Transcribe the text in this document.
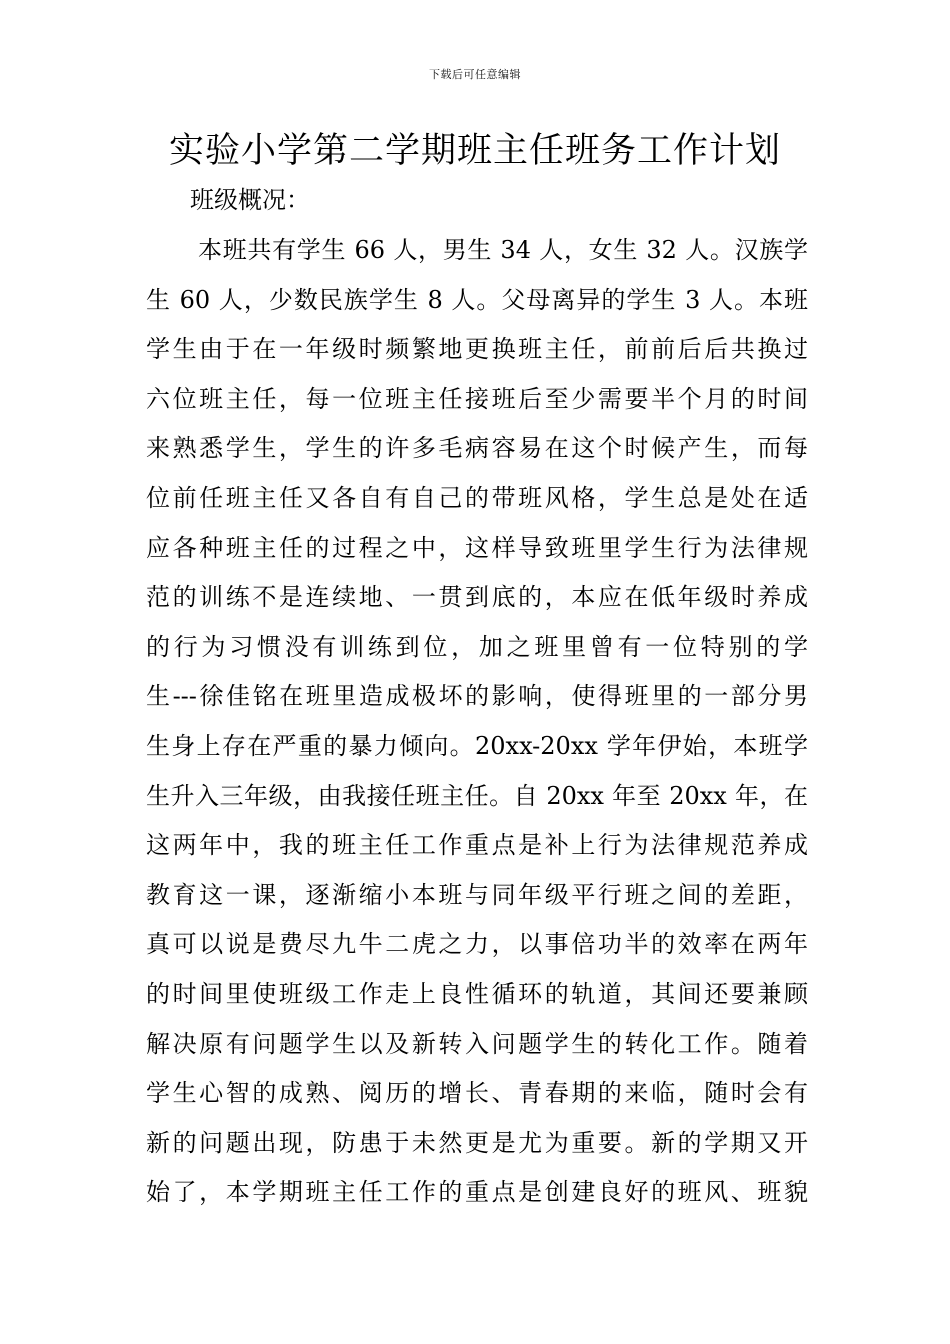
下载后可任意编辑
实验小学第二学期班主任班务工作计划
班级概况：
本班共有学生 66 人，男生 34 人，女生 32 人。汉族学
生 60 人，少数民族学生 8 人。父母离异的学生 3 人。本班
学生由于在一年级时频繁地更换班主任，前前后后共换过
六位班主任，每一位班主任接班后至少需要半个月的时间
来熟悉学生，学生的许多毛病容易在这个时候产生，而每
位前任班主任又各自有自己的带班风格，学生总是处在适
应各种班主任的过程之中，这样导致班里学生行为法律规
范的训练不是连续地、一贯到底的，本应在低年级时养成
的行为习惯没有训练到位，加之班里曾有一位特别的学
生---徐佳铭在班里造成极坏的影响，使得班里的一部分男
生身上存在严重的暴力倾向。20xx-20xx 学年伊始，本班学
生升入三年级，由我接任班主任。自 20xx 年至 20xx 年，在
这两年中，我的班主任工作重点是补上行为法律规范养成
教育这一课，逐渐缩小本班与同年级平行班之间的差距，
真可以说是费尽九牛二虎之力，以事倍功半的效率在两年
的时间里使班级工作走上良性循环的轨道，其间还要兼顾
解决原有问题学生以及新转入问题学生的转化工作。随着
学生心智的成熟、阅历的增长、青春期的来临，随时会有
新的问题出现，防患于未然更是尤为重要。新的学期又开
始了，本学期班主任工作的重点是创建良好的班风、班貌
